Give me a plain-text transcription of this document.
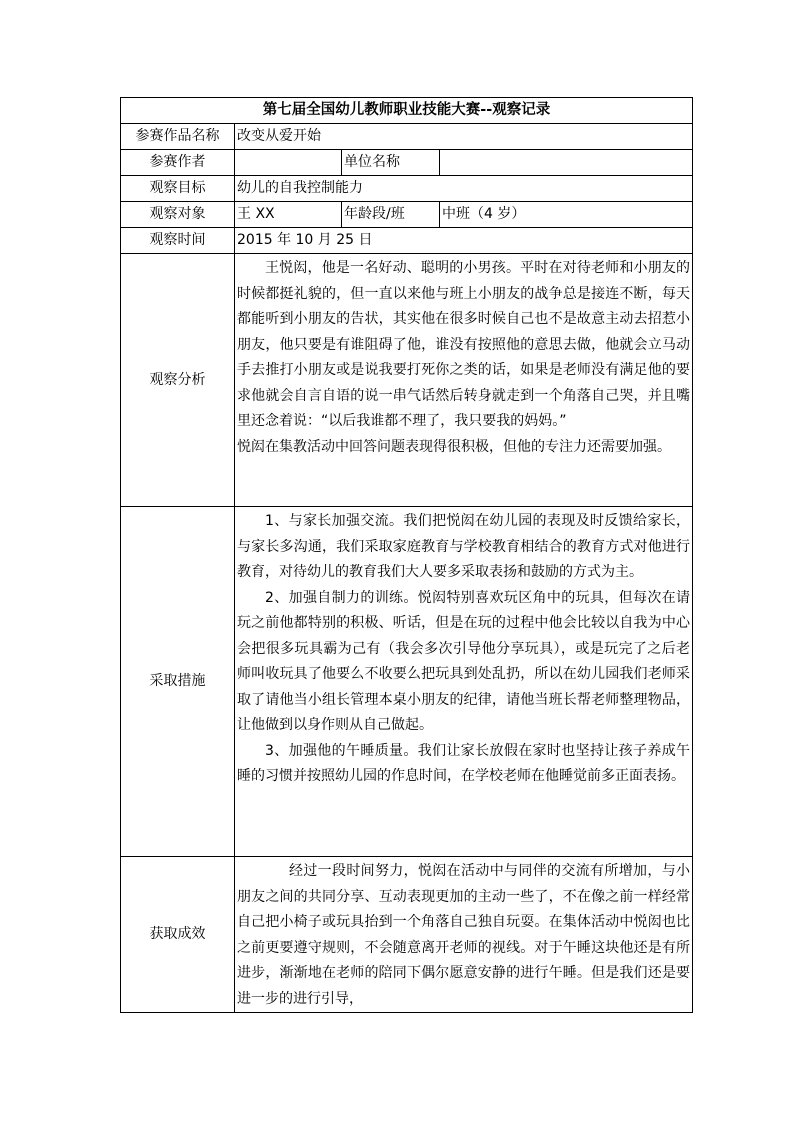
第七届全国幼儿教师职业技能大赛--观察记录			
参赛作品名称	改变从爱开始		
参赛作者		单位名称	
观察目标	幼儿的自我控制能力		
观察对象	王 XX	年龄段/班	中班（4 岁）
观察时间	2015 年 10 月 25 日		
观察分析	王悦闳，他是一名好动、聪明的小男孩。平时在对待老师和小朋友的时候都挺礼貌的，但一直以来他与班上小朋友的战争总是接连不断，每天都能听到小朋友的告状，其实他在很多时候自己也不是故意主动去招惹小朋友，他只要是有谁阻碍了他，谁没有按照他的意思去做，他就会立马动手去推打小朋友或是说我要打死你之类的话，如果是老师没有满足他的要求他就会自言自语的说一串气话然后转身就走到一个角落自己哭，并且嘴里还念着说：“以后我谁都不理了，我只要我的妈妈。”

悦闳在集教活动中回答问题表现得很积极，但他的专注力还需要加强。		

采取措施	1、与家长加强交流。我们把悦闳在幼儿园的表现及时反馈给家长，与家长多沟通，我们采取家庭教育与学校教育相结合的教育方式对他进行教育，对待幼儿的教育我们大人要多采取表扬和鼓励的方式为主。

2、加强自制力的训练。悦闳特别喜欢玩区角中的玩具，但每次在请玩之前他都特别的积极、听话，但是在玩的过程中他会比较以自我为中心会把很多玩具霸为己有（我会多次引导他分享玩具），或是玩完了之后老师叫收玩具了他要么不收要么把玩具到处乱扔，所以在幼儿园我们老师采取了请他当小组长管理本桌小朋友的纪律，请他当班长帮老师整理物品，让他做到以身作则从自己做起。

3、加强他的午睡质量。我们让家长放假在家时也坚持让孩子养成午睡的习惯并按照幼儿园的作息时间，在学校老师在他睡觉前多正面表扬。		

获取成效	经过一段时间努力，悦闳在活动中与同伴的交流有所增加，与小朋友之间的共同分享、互动表现更加的主动一些了，不在像之前一样经常自己把小椅子或玩具抬到一个角落自己独自玩耍。在集体活动中悦闳也比之前更要遵守规则，不会随意离开老师的视线。对于午睡这块他还是有所进步，渐渐地在老师的陪同下偶尔愿意安静的进行午睡。但是我们还是要进一步的进行引导，		
